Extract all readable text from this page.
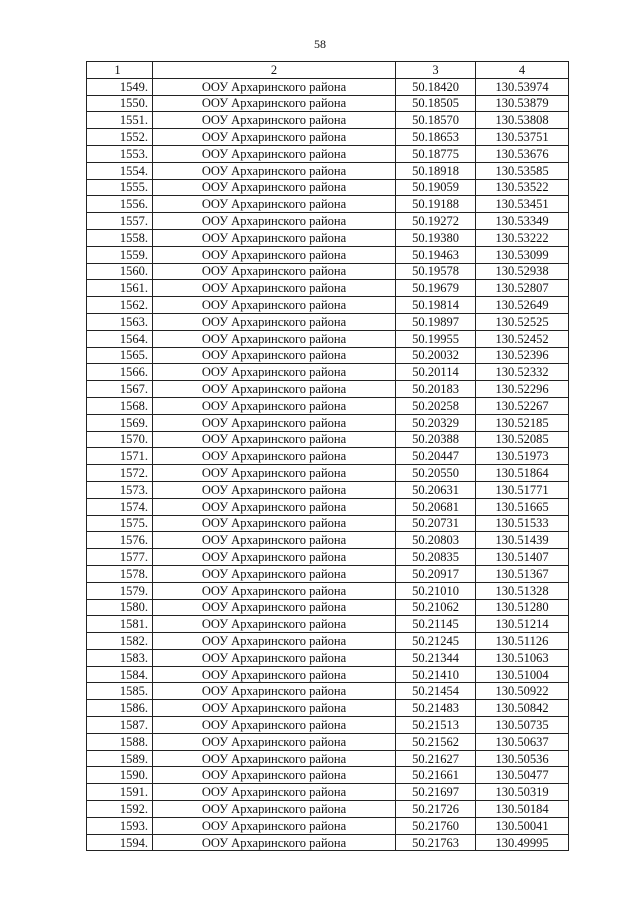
58
1	2	3	4
1549.	ООУ Архаринского района	50.18420	130.53974
1550.	ООУ Архаринского района	50.18505	130.53879
1551.	ООУ Архаринского района	50.18570	130.53808
1552.	ООУ Архаринского района	50.18653	130.53751
1553.	ООУ Архаринского района	50.18775	130.53676
1554.	ООУ Архаринского района	50.18918	130.53585
1555.	ООУ Архаринского района	50.19059	130.53522
1556.	ООУ Архаринского района	50.19188	130.53451
1557.	ООУ Архаринского района	50.19272	130.53349
1558.	ООУ Архаринского района	50.19380	130.53222
1559.	ООУ Архаринского района	50.19463	130.53099
1560.	ООУ Архаринского района	50.19578	130.52938
1561.	ООУ Архаринского района	50.19679	130.52807
1562.	ООУ Архаринского района	50.19814	130.52649
1563.	ООУ Архаринского района	50.19897	130.52525
1564.	ООУ Архаринского района	50.19955	130.52452
1565.	ООУ Архаринского района	50.20032	130.52396
1566.	ООУ Архаринского района	50.20114	130.52332
1567.	ООУ Архаринского района	50.20183	130.52296
1568.	ООУ Архаринского района	50.20258	130.52267
1569.	ООУ Архаринского района	50.20329	130.52185
1570.	ООУ Архаринского района	50.20388	130.52085
1571.	ООУ Архаринского района	50.20447	130.51973
1572.	ООУ Архаринского района	50.20550	130.51864
1573.	ООУ Архаринского района	50.20631	130.51771
1574.	ООУ Архаринского района	50.20681	130.51665
1575.	ООУ Архаринского района	50.20731	130.51533
1576.	ООУ Архаринского района	50.20803	130.51439
1577.	ООУ Архаринского района	50.20835	130.51407
1578.	ООУ Архаринского района	50.20917	130.51367
1579.	ООУ Архаринского района	50.21010	130.51328
1580.	ООУ Архаринского района	50.21062	130.51280
1581.	ООУ Архаринского района	50.21145	130.51214
1582.	ООУ Архаринского района	50.21245	130.51126
1583.	ООУ Архаринского района	50.21344	130.51063
1584.	ООУ Архаринского района	50.21410	130.51004
1585.	ООУ Архаринского района	50.21454	130.50922
1586.	ООУ Архаринского района	50.21483	130.50842
1587.	ООУ Архаринского района	50.21513	130.50735
1588.	ООУ Архаринского района	50.21562	130.50637
1589.	ООУ Архаринского района	50.21627	130.50536
1590.	ООУ Архаринского района	50.21661	130.50477
1591.	ООУ Архаринского района	50.21697	130.50319
1592.	ООУ Архаринского района	50.21726	130.50184
1593.	ООУ Архаринского района	50.21760	130.50041
1594.	ООУ Архаринского района	50.21763	130.49995
